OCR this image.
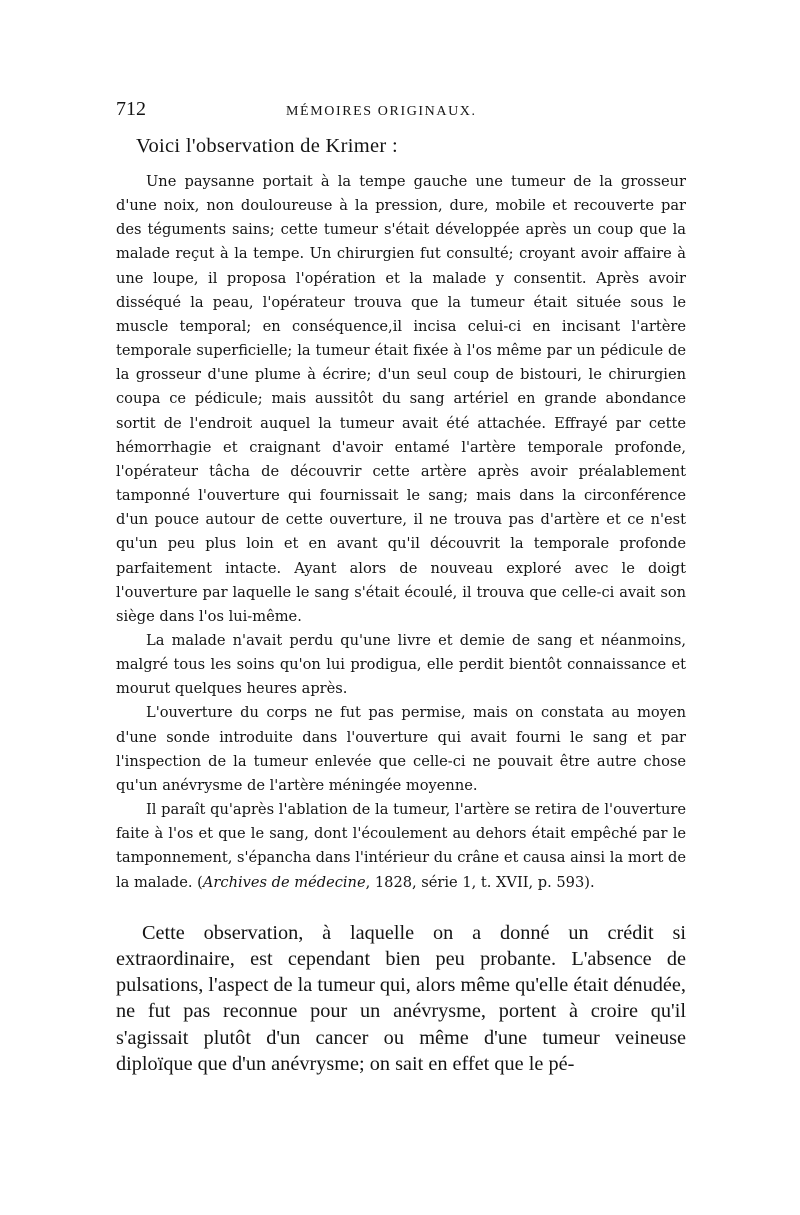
712	MÉMOIRES ORIGINAUX.
Voici l'observation de Krimer :

Une paysanne portait à la tempe gauche une tumeur de la grosseur d'une noix, non douloureuse à la pression, dure, mobile et recouverte par des téguments sains; cette tumeur s'était développée après un coup que la malade reçut à la tempe. Un chirurgien fut consulté; croyant avoir affaire à une loupe, il proposa l'opération et la malade y consentit. Après avoir disséqué la peau, l'opérateur trouva que la tumeur était située sous le muscle temporal; en conséquence,il incisa celui-ci en incisant l'artère temporale superficielle; la tumeur était fixée à l'os même par un pédicule de la grosseur d'une plume à écrire; d'un seul coup de bistouri, le chirurgien coupa ce pédicule; mais aussitôt du sang artériel en grande abondance sortit de l'endroit auquel la tumeur avait été attachée. Effrayé par cette hémorrhagie et craignant d'avoir entamé l'artère temporale profonde, l'opérateur tâcha de découvrir cette artère après avoir préalablement tamponné l'ouverture qui fournissait le sang; mais dans la circonférence d'un pouce autour de cette ouverture, il ne trouva pas d'artère et ce n'est qu'un peu plus loin et en avant qu'il découvrit la temporale profonde parfaitement intacte. Ayant alors de nouveau exploré avec le doigt l'ouverture par laquelle le sang s'était écoulé, il trouva que celle-ci avait son siège dans l'os lui-même.

La malade n'avait perdu qu'une livre et demie de sang et néanmoins, malgré tous les soins qu'on lui prodigua, elle perdit bientôt connaissance et mourut quelques heures après.

L'ouverture du corps ne fut pas permise, mais on constata au moyen d'une sonde introduite dans l'ouverture qui avait fourni le sang et par l'inspection de la tumeur enlevée que celle-ci ne pouvait être autre chose qu'un anévrysme de l'artère méningée moyenne.

Il paraît qu'après l'ablation de la tumeur, l'artère se retira de l'ouverture faite à l'os et que le sang, dont l'écoulement au dehors était empêché par le tamponnement, s'épancha dans l'intérieur du crâne et causa ainsi la mort de la malade. (Archives de médecine, 1828, série 1, t. XVII, p. 593).

Cette observation, à laquelle on a donné un crédit si extraordinaire, est cependant bien peu probante. L'absence de pulsations, l'aspect de la tumeur qui, alors même qu'elle était dénudée, ne fut pas reconnue pour un anévrysme, portent à croire qu'il s'agissait plutôt d'un cancer ou même d'une tumeur veineuse diploïque que d'un anévrysme; on sait en effet que le pé-
